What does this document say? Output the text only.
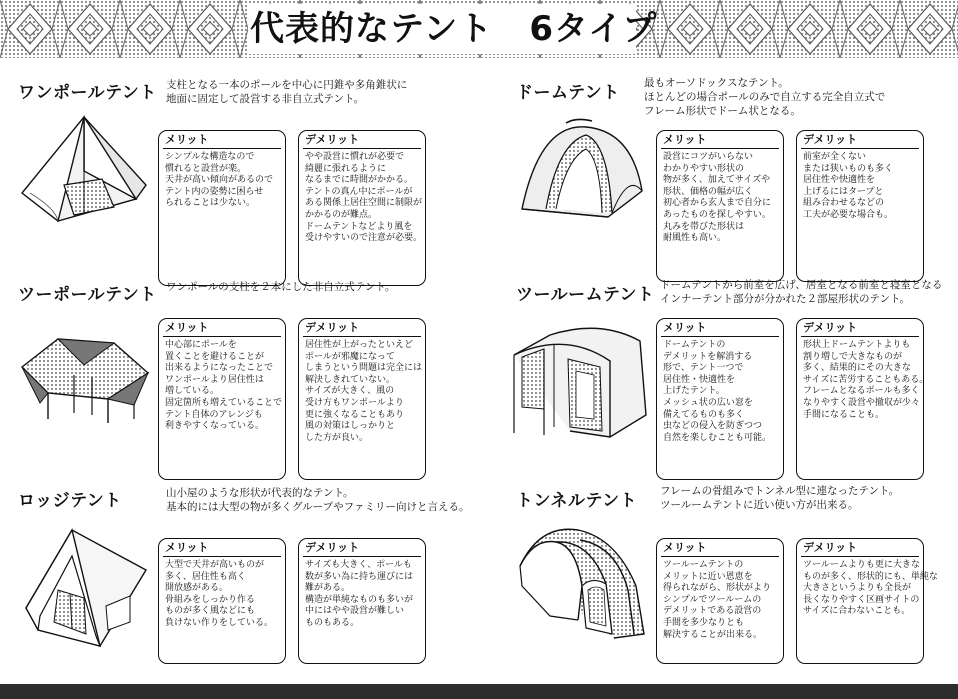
代表的なテント 6タイプ
ワンポールテント 支柱となる一本のポールを中心に円錐や多角錐状に
地面に固定して設営する非自立式テント。
メリット
シンプルな構造なので
慣れると設営が楽。
天井が高い傾向があるので
テント内の姿勢に困らせ
られることは少ない。
デメリット
やや設営に慣れが必要で
綺麗に張れるように
なるまでに時間がかかる。
テントの真ん中にポールが
ある関係上居住空間に制限が
かかるのが難点。
ドームテントなどより風を
受けやすいので注意が必要。
ドームテント 最もオーソドックスなテント。
ほとんどの場合ポールのみで自立する完全自立式で
フレーム形状でドーム状となる。
メリット
設営にコツがいらない
わかりやすい形状の
物が多く、加えてサイズや
形状、価格の幅が広く
初心者から玄人まで自分に
あったものを探しやすい。
丸みを帯びた形状は
耐風性も高い。
デメリット
前室が全くない
または狭いものも多く
居住性や快適性を
上げるにはタープと
組み合わせるなどの
工夫が必要な場合も。
ツーポールテント ワンポールの支柱を２本にした非自立式テント。
メリット
中心部にポールを
置くことを避けることが
出来るようになったことで
ワンポールより居住性は
増している。
固定箇所も増えていることで
テント自体のアレンジも
利きやすくなっている。
デメリット
居住性が上がったといえど
ポールが邪魔になって
しまうという問題は完全には
解決しきれていない。
サイズが大きく、風の
受け方もワンポールより
更に強くなることもあり
風の対策はしっかりと
した方が良い。
ツールームテント ドームテントから前室を広げ、居室となる前室と寝室となる
インナーテント部分が分かれた２部屋形状のテント。
メリット
ドームテントの
デメリットを解消する
形で、テント一つで
居住性・快適性を
上げたテント。
メッシュ状の広い窓を
備えてるものも多く
虫などの侵入を防ぎつつ
自然を楽しむことも可能。
デメリット
形状上ドームテントよりも
割り増しで大きなものが
多く、結果的にその大きな
サイズに苦労することもある。
フレームとなるポールも多く
なりやすく設営や撤収が少々
手間になることも。
ロッジテント	山小屋のような形状が代表的なテント。
基本的には大型の物が多くグループやファミリー向けと言える。
メリット
大型で天井が高いものが
多く、居住性も高く
開放感がある。
骨組みをしっかり作る
ものが多く風などにも
負けない作りをしている。
デメリット
サイズも大きく、ポールも
数が多い為に持ち運びには
難がある。
構造が単純なものも多いが
中にはやや設営が難しい
ものもある。
トンネルテント フレームの骨組みでトンネル型に連なったテント。
ツールームテントに近い使い方が出来る。
メリット
ツールームテントの
メリットに近い恩恵を
得られながら、形状がより
シンプルでツールームの
デメリットである設営の
手間を多少なりとも
解決することが出来る。
デメリット
ツールームよりも更に大きな
ものが多く、形状的にも、単純な
大きさというよりも全長が
長くなりやすく区画サイトの
サイズに合わないことも。
